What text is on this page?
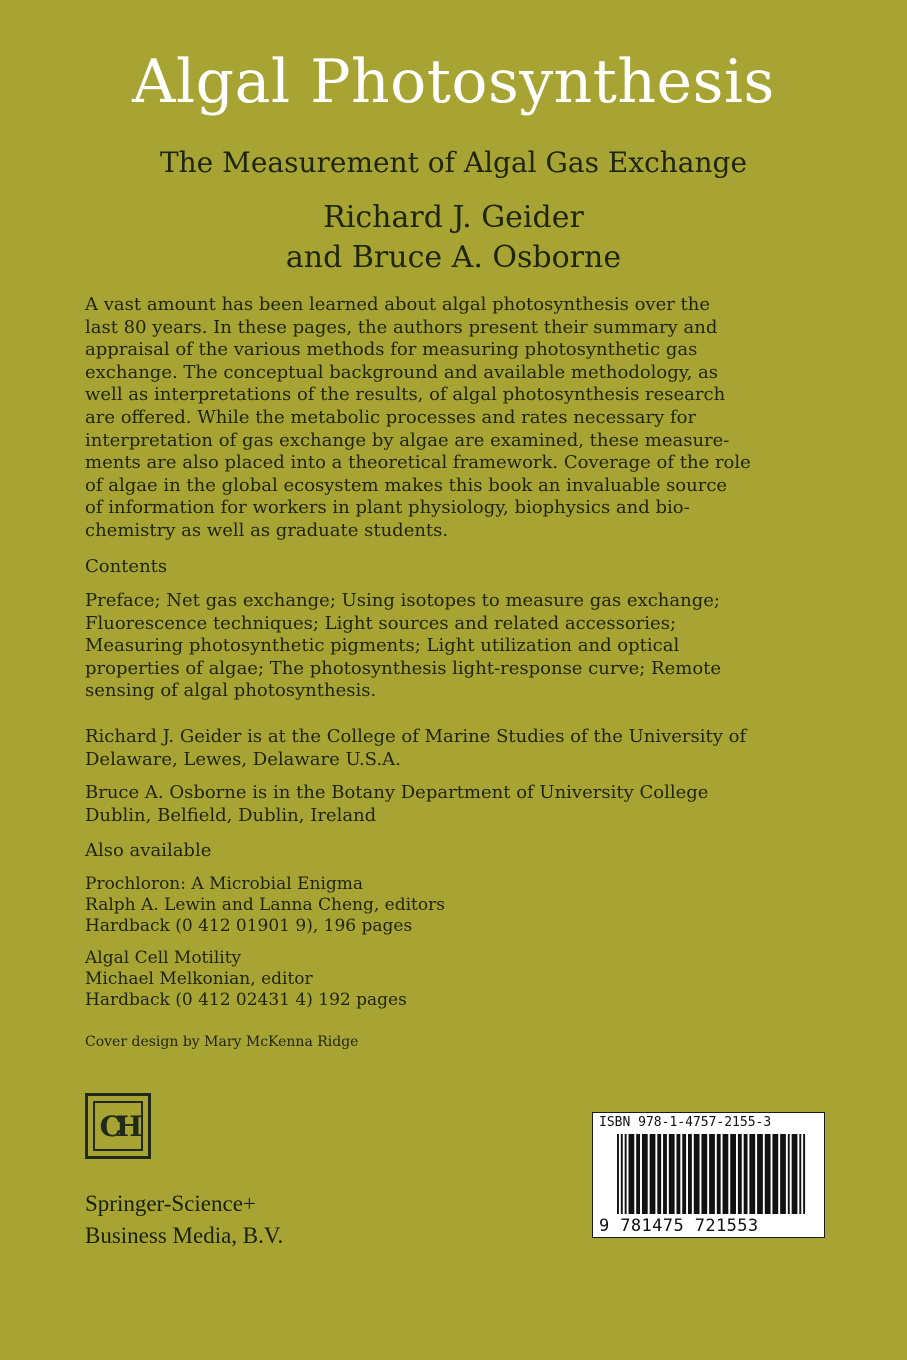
Algal Photosynthesis
The Measurement of Algal Gas Exchange
Richard J. Geider
and Bruce A. Osborne
A vast amount has been learned about algal photosynthesis over the
last 80 years. In these pages, the authors present their summary and
appraisal of the various methods for measuring photosynthetic gas
exchange. The conceptual background and available methodology, as
well as interpretations of the results, of algal photosynthesis research
are offered. While the metabolic processes and rates necessary for
interpretation of gas exchange by algae are examined, these measure-
ments are also placed into a theoretical framework. Coverage of the role
of algae in the global ecosystem makes this book an invaluable source
of information for workers in plant physiology, biophysics and bio-
chemistry as well as graduate students.
Contents
Preface; Net gas exchange; Using isotopes to measure gas exchange;
Fluorescence techniques; Light sources and related accessories;
Measuring photosynthetic pigments; Light utilization and optical
properties of algae; The photosynthesis light-response curve; Remote
sensing of algal photosynthesis.
Richard J. Geider is at the College of Marine Studies of the University of
Delaware, Lewes, Delaware U.S.A.
Bruce A. Osborne is in the Botany Department of University College
Dublin, Belfield, Dublin, Ireland
Also available
Prochloron: A Microbial Enigma
Ralph A. Lewin and Lanna Cheng, editors
Hardback (0 412 01901 9), 196 pages
Algal Cell Motility
Michael Melkonian, editor
Hardback (0 412 02431 4) 192 pages
Cover design by Mary McKenna Ridge
CH
Springer-Science+
Business Media, B.V.
ISBN 978-1-4757-2155-3
9 781475 721553
